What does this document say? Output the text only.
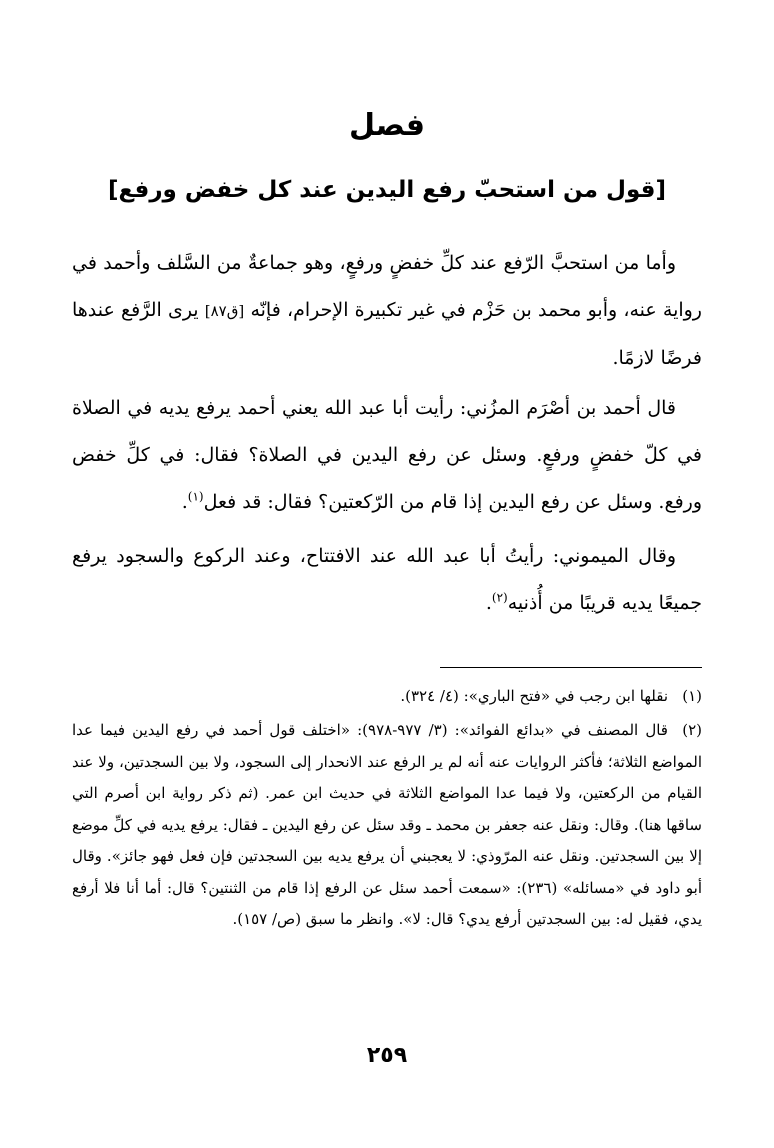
فصل
[قول من استحبّ رفع اليدين عند كل خفض ورفع]

وأما من استحبَّ الرّفع عند كلِّ خفضٍ ورفعٍ، وهو جماعةٌ من السَّلف وأحمد في رواية عنه، وأبو محمد بن حَزْم في غير تكبيرة الإحرام، فإنّه [ق٨٧] يرى الرَّفع عندها فرضًا لازمًا.

قال أحمد بن أصْرَم المزُني: رأيت أبا عبد الله يعني أحمد يرفع يديه في الصلاة في كلّ خفضٍ ورفعٍ. وسئل عن رفع اليدين في الصلاة؟ فقال: في كلِّ خفض ورفع. وسئل عن رفع اليدين إذا قام من الرّكعتين؟ فقال: قد فعل$^{(١)}$.

وقال الميموني: رأيتُ أبا عبد الله عند الافتتاح، وعند الركوع والسجود يرفع جميعًا يديه قريبًا من أُذنيه$^{(٢)}$.

(١)نقلها ابن رجب في «فتح الباري»: (٤/ ٣٢٤).

(٢)قال المصنف في «بدائع الفوائد»: (٣/ ٩٧٧-٩٧٨): «اختلف قول أحمد في رفع اليدين فيما عدا المواضع الثلاثة؛ فأكثر الروايات عنه أنه لم ير الرفع عند الانحدار إلى السجود، ولا بين السجدتين، ولا عند القيام من الركعتين، ولا فيما عدا المواضع الثلاثة في حديث ابن عمر. (ثم ذكر رواية ابن أصرم التي ساقها هنا). وقال: ونقل عنه جعفر بن محمد ـ وقد سئل عن رفع اليدين ـ فقال: يرفع يديه في كلِّ موضع إلا بين السجدتين. ونقل عنه المرّوذي: لا يعجبني أن يرفع يديه بين السجدتين فإن فعل فهو جائز». وقال أبو داود في «مسائله» (٢٣٦): «سمعت أحمد سئل عن الرفع إذا قام من الثنتين؟ قال: أما أنا فلا أرفع يدي، فقيل له: بين السجدتين أرفع يدي؟ قال: لا». وانظر ما سبق (ص/ ١٥٧).

٢٥٩
